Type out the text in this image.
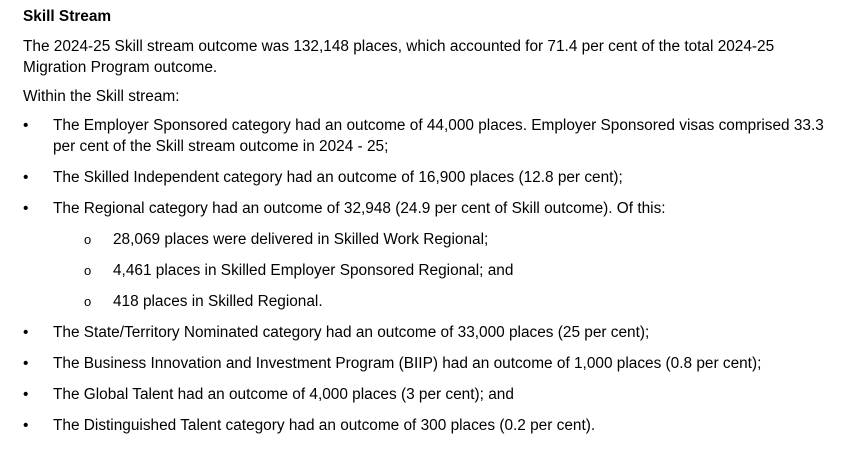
Skill Stream

The 2024-25 Skill stream outcome was 132,148 places, which accounted for 71.4 per cent of the total 2024-25 Migration Program outcome.

Within the Skill stream:

•	The Employer Sponsored category had an outcome of 44,000 places. Employer Sponsored visas comprised 33.3 per cent of the Skill stream outcome in 2024 - 25;
•	The Skilled Independent category had an outcome of 16,900 places (12.8 per cent);
•	The Regional category had an outcome of 32,948 (24.9 per cent of Skill outcome). Of this:
o 28,069 places were delivered in Skilled Work Regional;
o 4,461 places in Skilled Employer Sponsored Regional; and
o 418 places in Skilled Regional.
•	The State/Territory Nominated category had an outcome of 33,000 places (25 per cent);
•	The Business Innovation and Investment Program (BIIP) had an outcome of 1,000 places (0.8 per cent);
•	The Global Talent had an outcome of 4,000 places (3 per cent); and
•	The Distinguished Talent category had an outcome of 300 places (0.2 per cent).
